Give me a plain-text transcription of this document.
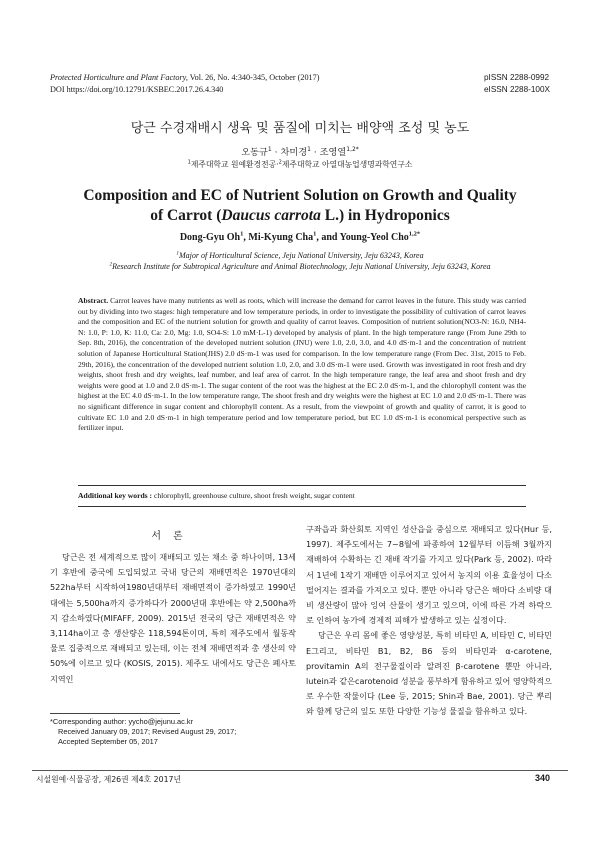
Protected Horticulture and Plant Factory, Vol. 26, No. 4:340-345, October (2017)
DOI https://doi.org/10.12791/KSBEC.2017.26.4.340
pISSN 2288-0992
eISSN 2288-100X
당근 수경재배시 생육 및 품질에 미치는 배양액 조성 및 농도
오동규$^1$ · 차미경$^1$ · 조영열$^{1,2*}$
$^1$제주대학교 원예환경전공·$^2$제주대학교 아열대농업생명과학연구소
Composition and EC of Nutrient Solution on Growth and Quality
of Carrot (Daucus carrota L.) in Hydroponics
Dong-Gyu Oh$^1$, Mi-Kyung Cha$^1$, and Young-Yeol Cho$^{1,2*}$
$^1$Major of Horticultural Science, Jeju National University, Jeju 63243, Korea
$^2$Research Institute for Subtropical Agriculture and Animal Biotechnology, Jeju National University, Jeju 63243, Korea
Abstract. Carrot leaves have many nutrients as well as roots, which will increase the demand for carrot leaves in the future. This study was carried out by dividing into two stages: high temperature and low temperature periods, in order to investigate the possibility of cultivation of carrot leaves and the composition and EC of the nutrient solution for growth and quality of carrot leaves. Composition of nutrient solution(NO3-N: 16.0, NH4-N: 1.0, P: 1.0, K: 11.0, Ca: 2.0, Mg: 1.0, SO4-S: 1.0 mM·L-1) developed by analysis of plant. In the high temperature range (From June 29th to Sep. 8th, 2016), the concentration of the developed nutrient solution (JNU) were 1.0, 2.0, 3.0, and 4.0 dS·m-1 and the concentration of nutrient solution of Japanese Horticultural Station(JHS) 2.0 dS·m-1 was used for comparison. In the low temperature range (From Dec. 31st, 2015 to Feb. 29th, 2016), the concentration of the developed nutrient solution 1.0, 2.0, and 3.0 dS·m-1 were used. Growth was investigated in root fresh and dry weights, shoot fresh and dry weights, leaf number, and leaf area of carrot. In the high temperature range, the leaf area and shoot fresh and dry weights were good at 1.0 and 2.0 dS·m-1. The sugar content of the root was the highest at the EC 2.0 dS·m-1, and the chlorophyll content was the highest at the EC 4.0 dS·m-1. In the low temperature range, The shoot fresh and dry weights were the highest at EC 1.0 and 2.0 dS·m-1. There was no significant difference in sugar content and chlorophyll content. As a result, from the viewpoint of growth and quality of carrot, it is good to cultivate EC 1.0 and 2.0 dS·m-1 in high temperature period and low temperature period, but EC 1.0 dS·m-1 is economical perspective such as fertilizer input.
Additional key words : chlorophyll, greenhouse culture, shoot fresh weight, sugar content
서론

당근은 전 세계적으로 많이 재배되고 있는 채소 중 하나이며, 13세기 후반에 중국에 도입되었고 국내 당근의 재배면적은 1970년대의 522ha부터 시작하여1980년대부터 재배면적이 증가하였고 1990년대에는 5,500ha까지 증가하다가 2000년대 후반에는 약 2,500ha까지 감소하였다(MIFAFF, 2009). 2015년 전국의 당근 재배면적은 약 3,114ha이고 총 생산량은 118,594톤이며, 특히 제주도에서 월동작물로 집중적으로 재배되고 있는데, 이는 전체 재배면적과 총 생산의 약 50%에 이르고 있다 (KOSIS, 2015). 제주도 내에서도 당근은 폐사토 지역인

구좌읍과 화산회토 지역인 성산읍을 중심으로 재배되고 있다(Hur 등, 1997). 제주도에서는 7~8월에 파종하여 12월부터 이듬해 3월까지 재배하여 수확하는 긴 재배 작기를 가지고 있다(Park 등, 2002). 따라서 1년에 1작기 재배만 이루어지고 있어서 농지의 이용 효율성이 다소 떨어지는 결과를 가져오고 있다. 뿐만 아니라 당근은 해마다 소비량 대비 생산량이 많아 잉여 산물이 생기고 있으며, 이에 따른 가격 하락으로 인하여 농가에 경제적 피해가 발생하고 있는 실정이다.

당근은 우리 몸에 좋은 영양성분, 특히 비타민 A, 비타민 C, 비타민 E그리고, 비타민 B1, B2, B6 등의 비타민과 α-carotene, provitamin A의 전구물질이라 알려진 β-carotene 뿐만 아니라, lutein과 같은carotenoid 성분을 풍부하게 함유하고 있어 영양학적으로 우수한 작물이다 (Lee 등, 2015; Shin과 Bae, 2001). 당근 뿌리와 함께 당근의 잎도 또한 다양한 기능성 물질을 함유하고 있다.

*Corresponding author: yycho@jejunu.ac.kr
Received January 09, 2017; Revised August 29, 2017;
Accepted September 05, 2017
시설원예·식물공장, 제26권 제4호 2017년	340
